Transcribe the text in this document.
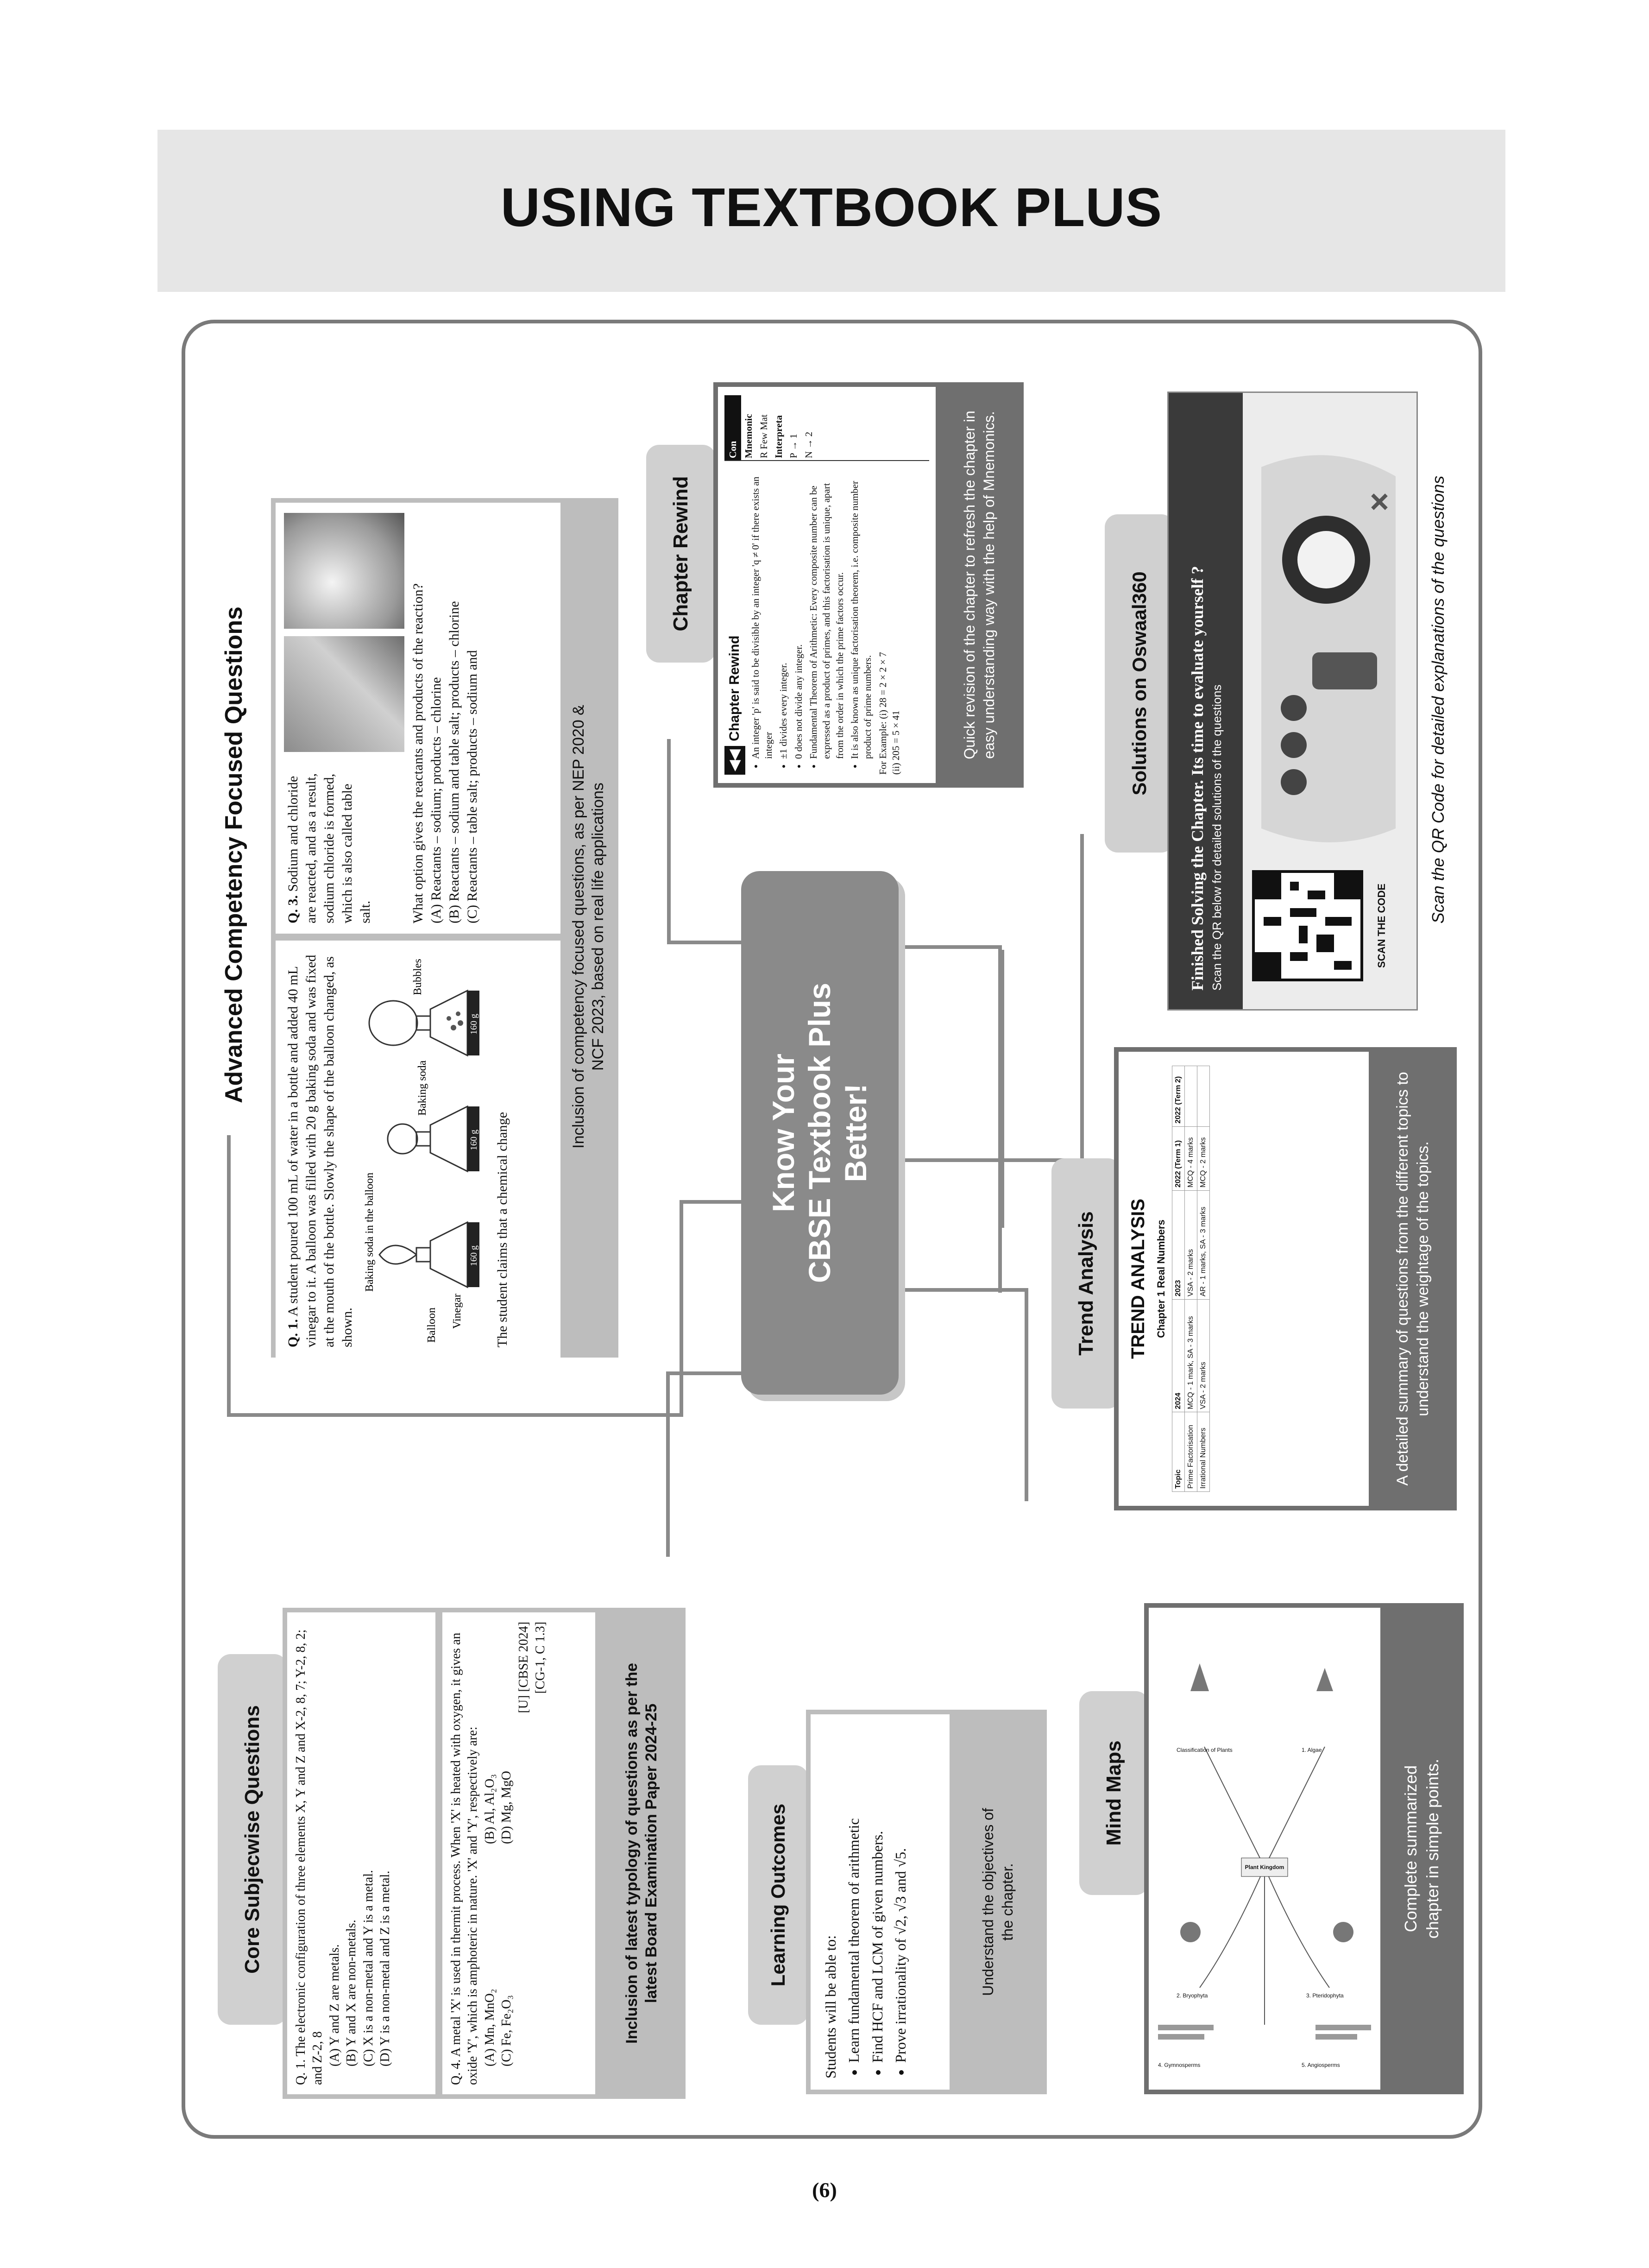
USING TEXTBOOK PLUS
Know Your CBSE Textbook Plus Better!
Advanced Competency Focused Questions
Q. 1. A student poured 100 mL of water in a bottle and added 40 mL vinegar to it. A balloon was filled with 20 g baking soda and was fixed at the mouth of the bottle. Slowly the shape of the balloon changed, as shown.	Balloon
Baking soda in the balloon
Vinegar
Baking soda
Bubbles
160 g
160 g
160 g
The student claims that a chemical change
Q. 3. Sodium and chloride are reacted, and as a result, sodium chloride is formed, which is also called table salt.	What option gives the reactants and products of the reaction? (A) Reactants – sodium; products – chlorine (B) Reactants – sodium and table salt; products – chlorine (C) Reactants – table salt; products – sodium and	Inclusion of competency focused questions, as per NEP 2020 & NCF 2023, based on real life applications
Chapter Rewind
◀◀
Chapter Rewind • An integer 'p' is said to be divisible by an integer 'q ≠ 0' if there exists an integer • ±1 divides every integer. • 0 does not divide any integer. • Fundamental Theorem of Arithmetic: Every composite number can be expressed as a product of primes, and this factorisation is unique, apart from the order in which the prime factors occur. • It is also known as unique factorisation theorem, i.e. composite number product of prime numbers. For Example: (i) 28 = 2 × 2 × 7 (ii) 205 = 5 × 41
Con Mnemonic R Few Mat Interpreta P → 1 N → 2	Quick revision of the chapter to refresh the chapter in easy understanding way with the help of Mnemonics.	Solutions on Oswaal360	Finished Solving the Chapter. Its time to evaluate yourself ? Scan the QR below for detailed solutions of the questions	SCAN THE CODE
Scan the QR Code for detailed explanations of the questions
Trend Analysis	TREND ANALYSIS Chapter 1 Real Numbers
Topic	2024	2023	2022 (Term 1)	2022 (Term 2)
Prime Factorisation	MCQ - 1 mark, SA - 3 marks	VSA - 2 marks	MCQ - 4 marks	
Irrational Numbers	VSA - 2 marks	AR - 1 marks, SA - 3 marks	MCQ - 2 marks		A detailed summary of questions from the different topics to understand the weightage of the topics.
Core Subjecwise Questions
Q. 1. The electronic configuration of three elements X, Y and Z and X-2, 8, 7; Y-2, 8, 2; and Z-2, 8 (A) Y and Z are metals. (B) Y and X are non-metals. (C) X is a non-metal and Y is a metal. (D) Y is a non-metal and Z is a metal.
Q. 4. A metal 'X' is used in thermit process. When 'X' is heated with oxygen, it gives an oxide 'Y', which is amphoteric in nature. 'X' and 'Y', respectively are: (A) Mn, MnO₂
(B) Al, Al₂O₃
(C) Fe, Fe₂O₃
(D) Mg, MgO
[U] [CBSE 2024] [CG-1, C 1.3]
Inclusion of latest typology of questions as per the latest Board Examination Paper 2024-25	Learning Outcomes
Students will be able to: • Learn fundamental theorem of arithmetic • Find HCF and LCM of given numbers. • Prove irrationality of √2, √3 and √5.	Understand the objectives of the chapter.
Mind Maps
Plant Kingdom
Classification of Plants	1. Algae
2. Bryophyta	3. Pteridophyta
4. Gymnosperms	5. Angiosperms
Complete summarized chapter in simple points.
(6)
